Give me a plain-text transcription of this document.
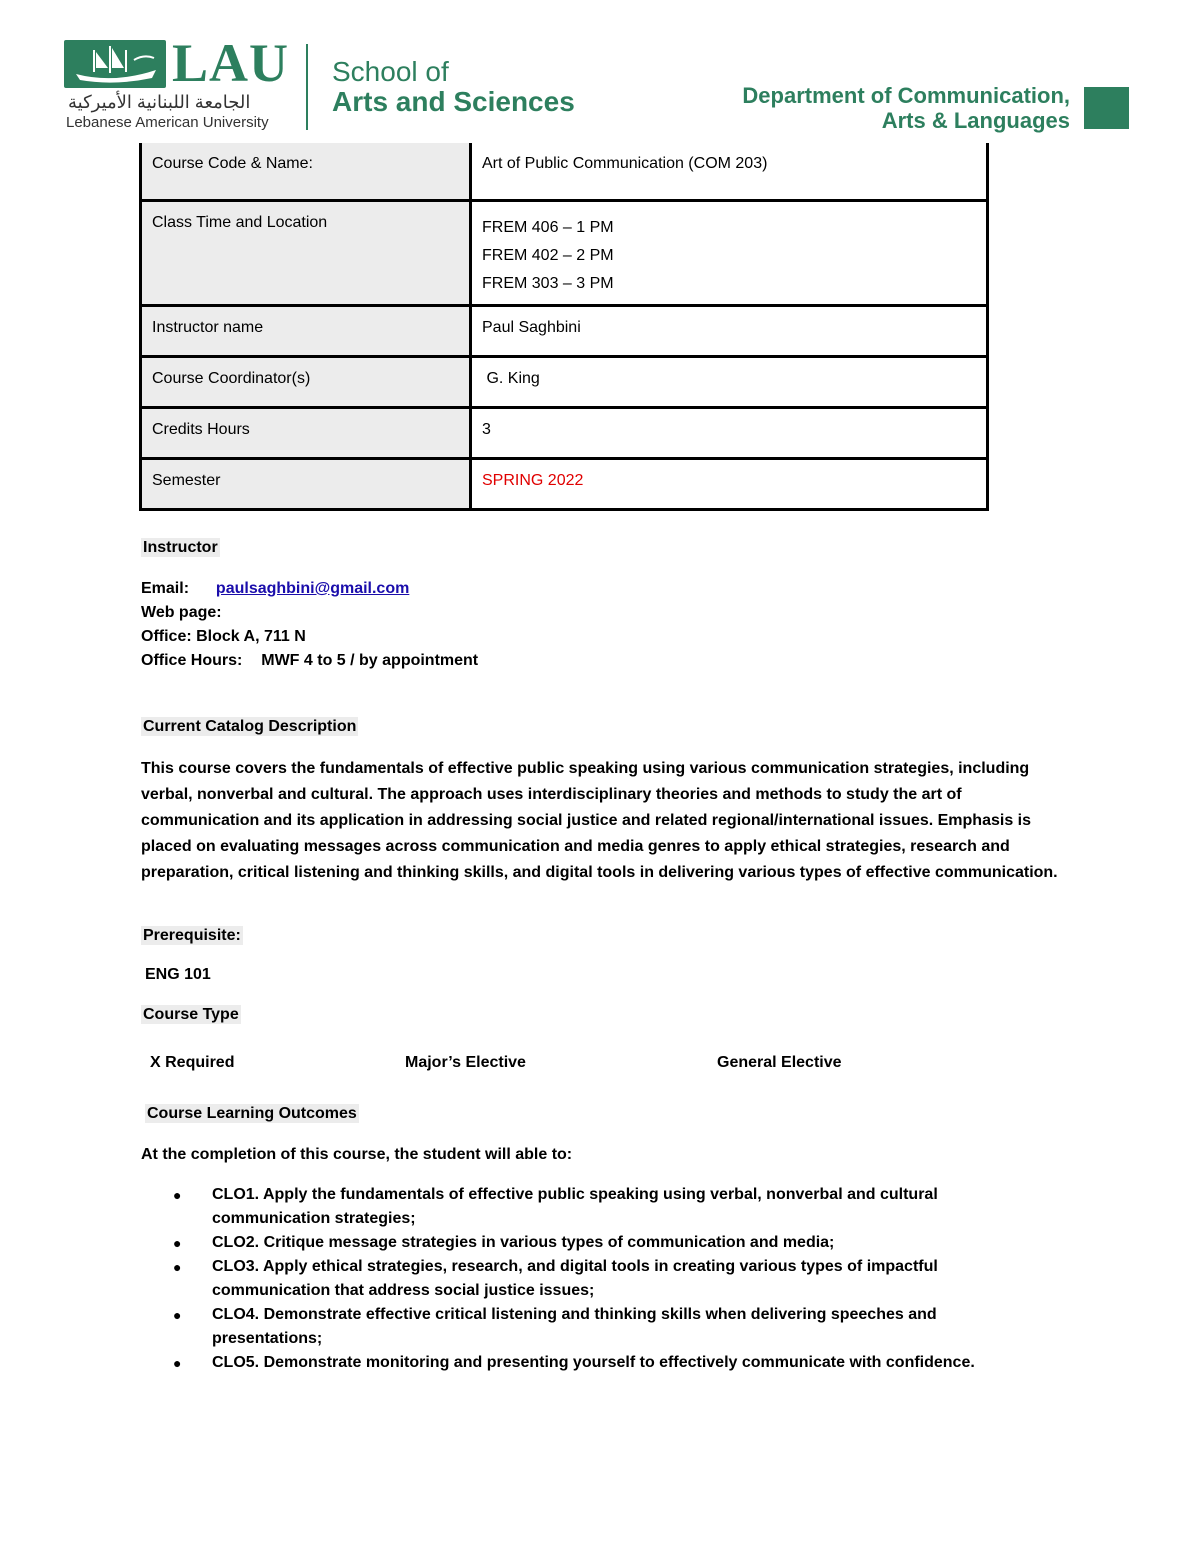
LAU
الجامعة اللبنانية الأميركية
Lebanese American University
School of
Arts and Sciences	Department of Communication,
Arts & Languages
Course Code & Name:	Art of Public Communication (COM 203)
Class Time and Location	FREM 406 – 1 PM
FREM 402 – 2 PM
FREM 303 – 3 PM

Instructor name	Paul Saghbini
Course Coordinator(s)	G. King
Credits Hours	3
Semester	SPRING 2022
Instructor
Email: paulsaghbini@gmail.com
Web page:
Office: Block A, 711 N
Office Hours: MWF 4 to 5 / by appointment
Current Catalog Description
This course covers the fundamentals of effective public speaking using various communication strategies, including verbal, nonverbal and cultural. The approach uses interdisciplinary theories and methods to study the art of communication and its application in addressing social justice and related regional/international issues. Emphasis is placed on evaluating messages across communication and media genres to apply ethical strategies, research and preparation, critical listening and thinking skills, and digital tools in delivering various types of effective communication.
Prerequisite:
ENG 101
Course Type
X Required	Major’s Elective	General Elective
Course Learning Outcomes
At the completion of this course, the student will able to:
● CLO1. Apply the fundamentals of effective public speaking using verbal, nonverbal and cultural communication strategies;
● CLO2. Critique message strategies in various types of communication and media;
● CLO3. Apply ethical strategies, research, and digital tools in creating various types of impactful communication that address social justice issues;
● CLO4. Demonstrate effective critical listening and thinking skills when delivering speeches and presentations;
● CLO5. Demonstrate monitoring and presenting yourself to effectively communicate with confidence.
